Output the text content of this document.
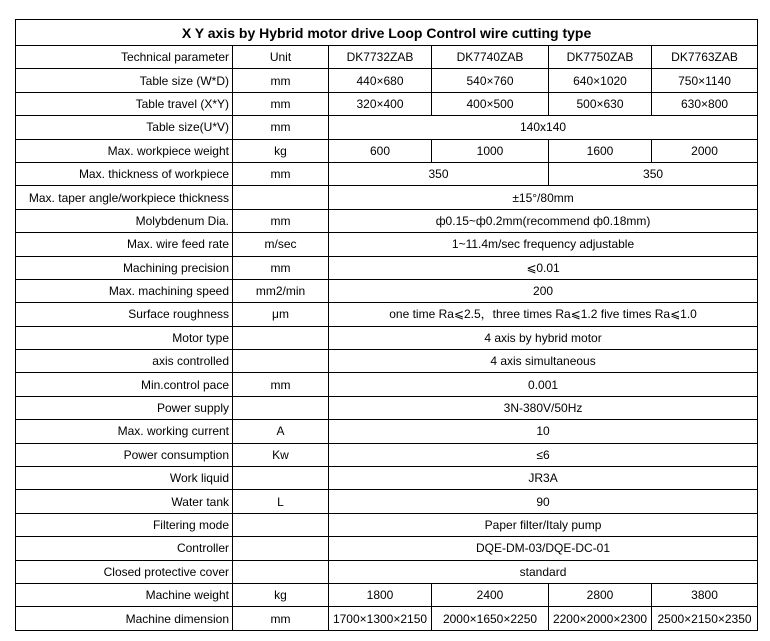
X Y axis by Hybrid motor drive Loop Control wire cutting type					
Technical parameter	Unit	DK7732ZAB	DK7740ZAB	DK7750ZAB	DK7763ZAB
Table size (W*D)	mm	440×680	540×760	640×1020	750×1140
Table travel (X*Y)	mm	320×400	400×500	500×630	630×800
Table size(U*V)	mm	140x140			
Max. workpiece weight	kg	600	1000	1600	2000
Max. thickness of workpiece	mm	350		350	
Max. taper angle/workpiece thickness		±15°/80mm			
Molybdenum Dia.	mm	ф0.15~ф0.2mm(recommend ф0.18mm)			
Max. wire feed rate	m/sec	1~11.4m/sec frequency adjustable			
Machining precision	mm	⩽0.01			
Max. machining speed	mm2/min	200			
Surface roughness	μm	one time Ra⩽2.5，three times Ra⩽1.2 five times Ra⩽1.0			
Motor type		4 axis by hybrid motor			
axis controlled		4 axis simultaneous			
Min.control pace	mm	0.001			
Power supply		3N-380V/50Hz			
Max. working current	A	10			
Power consumption	Kw	≤6			
Work liquid		JR3A			
Water tank	L	90			
Filtering mode		Paper filter/Italy pump			
Controller		DQE-DM-03/DQE-DC-01			
Closed protective cover		standard			
Machine weight	kg	1800	2400	2800	3800
Machine dimension	mm	1700×1300×2150	2000×1650×2250	2200×2000×2300	2500×2150×2350
